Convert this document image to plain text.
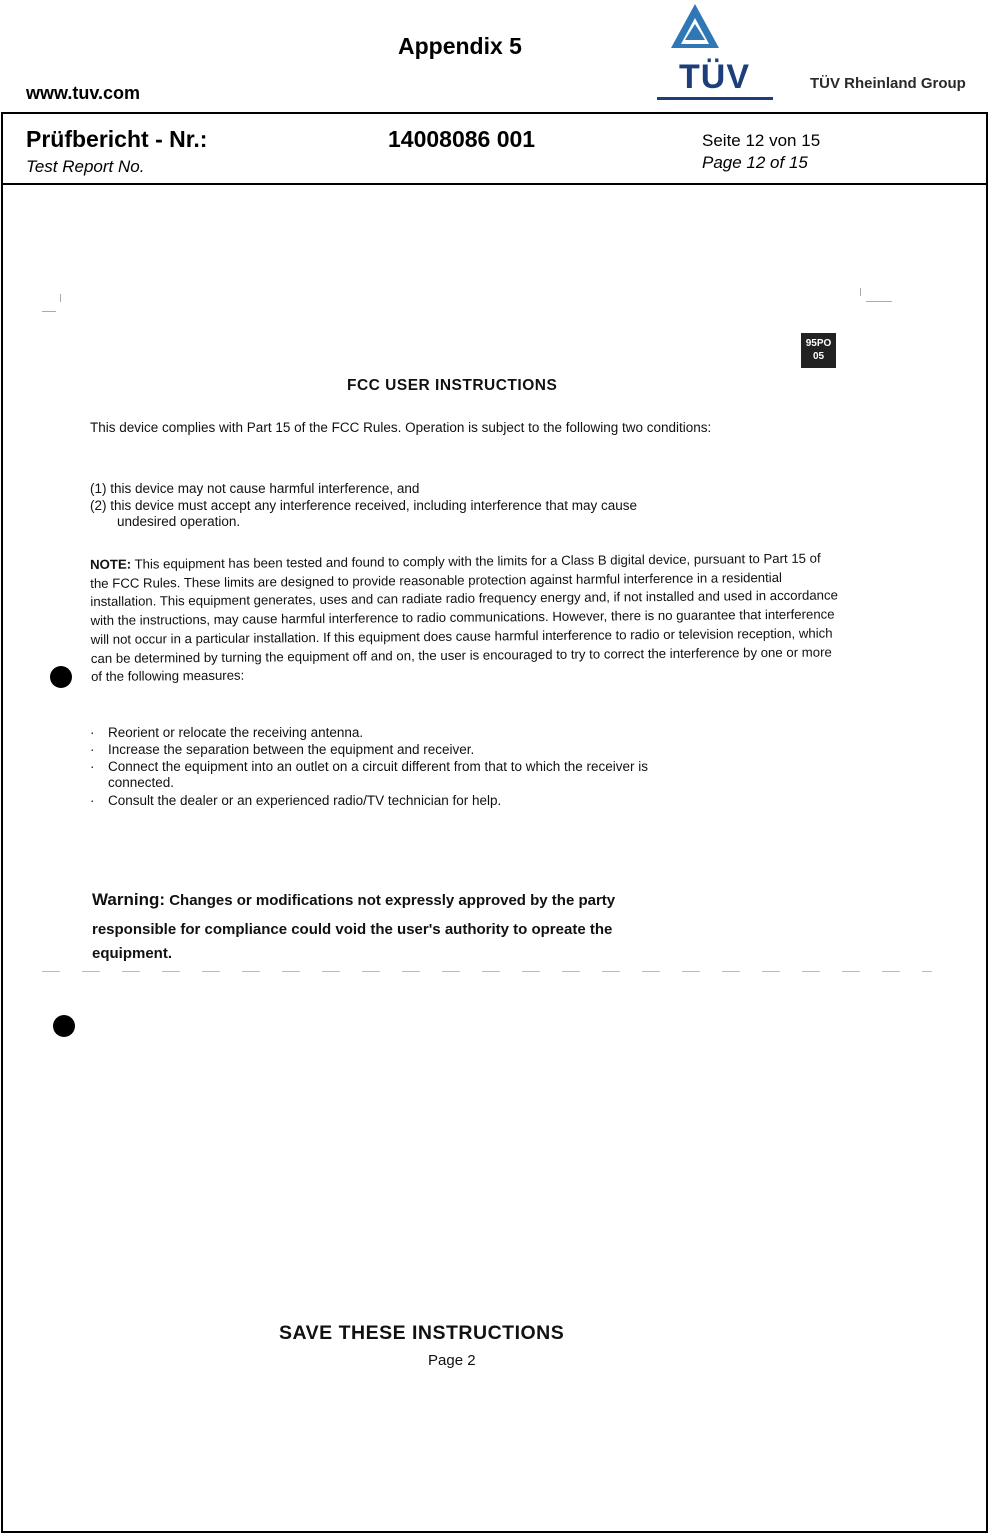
Appendix 5
www.tuv.com	TÜV	TÜV Rheinland Group
Prüfbericht - Nr.:
Test Report No.
14008086 001	Seite 12 von 15
Page 12 of 15
95PO
05
FCC USER INSTRUCTIONS
This device complies with Part 15 of the FCC Rules. Operation is subject to the following two conditions:
(1) this device may not cause harmful interference, and
(2) this device must accept any interference received, including interference that may cause
undesired operation.
NOTE: This equipment has been tested and found to comply with the limits for a Class B digital device, pursuant to Part 15 of the FCC Rules. These limits are designed to provide reasonable protection against harmful interference in a residential installation. This equipment generates, uses and can radiate radio frequency energy and, if not installed and used in accordance with the instructions, may cause harmful interference to radio communications. However, there is no guarantee that interference will not occur in a particular installation. If this equipment does cause harmful interference to radio or television reception, which can be determined by turning the equipment off and on, the user is encouraged to try to correct the interference by one or more of the following measures:
· Reorient or relocate the receiving antenna.
· Increase the separation between the equipment and receiver.
· Connect the equipment into an outlet on a circuit different from that to which the receiver is
connected.
· Consult the dealer or an experienced radio/TV technician for help.
Warning: Changes or modifications not expressly approved by the party
responsible for compliance could void the user's authority to opreate the
equipment.
SAVE THESE INSTRUCTIONS
Page 2
